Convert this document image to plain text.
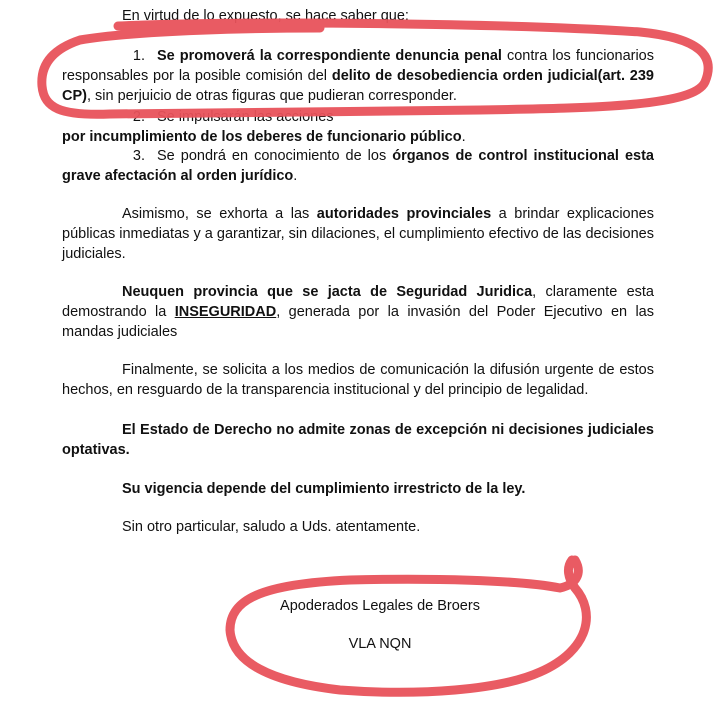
En virtud de lo expuesto, se hace saber que:
1. Se promoverá la correspondiente denuncia penal contra los funcionarios responsables por la posible comisión del delito de desobediencia orden judicial(art. 239 CP), sin perjuicio de otras figuras que pudieran corresponder.
2. Se impulsarán las acciones
por incumplimiento de los deberes de funcionario público.
3. Se pondrá en conocimiento de los órganos de control institucional esta grave afectación al orden jurídico.
Asimismo, se exhorta a las autoridades provinciales a brindar explicaciones públicas inmediatas y a garantizar, sin dilaciones, el cumplimiento efectivo de las decisiones judiciales.
Neuquen provincia que se jacta de Seguridad Juridica, claramente esta demostrando la INSEGURIDAD, generada por la invasión del Poder Ejecutivo en las mandas judiciales
Finalmente, se solicita a los medios de comunicación la difusión urgente de estos hechos, en resguardo de la transparencia institucional y del principio de legalidad.
El Estado de Derecho no admite zonas de excepción ni decisiones judiciales optativas.
Su vigencia depende del cumplimiento irrestricto de la ley.
Sin otro particular, saludo a Uds. atentamente.
Apoderados Legales de Broers
VLA NQN
